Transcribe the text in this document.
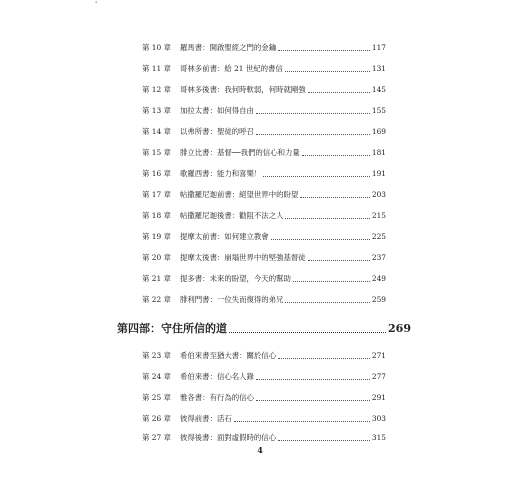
'
第 10 章	羅馬書：開啟聖經之門的金鑰	117
第 11 章	哥林多前書：給 21 世紀的書信	131
第 12 章	哥林多後書：我何時軟弱，何時就剛強	145
第 13 章	加拉太書：如何得自由	155
第 14 章	以弗所書：聖徒的呼召	169
第 15 章	腓立比書：基督──我們的信心和力量	181
第 16 章	歌羅西書：能力和喜樂！	191
第 17 章	帖撒羅尼迦前書：絕望世界中的盼望	203
第 18 章	帖撒羅尼迦後書：勸阻不法之人	215
第 19 章	提摩太前書：如何建立教會	225
第 20 章	提摩太後書：崩塌世界中的堅強基督徒	237
第 21 章	提多書：未來的盼望，今天的幫助	249
第 22 章	腓利門書：一位失而復得的弟兄	259
第四部：守住所信的道	269
第 23 章	希伯來書至猶大書：關於信心	271
第 24 章	希伯來書：信心名人錄	277
第 25 章	雅各書：有行為的信心	291
第 26 章	彼得前書：活石	303
第 27 章	彼得後書：面對虛假時的信心	315
4
